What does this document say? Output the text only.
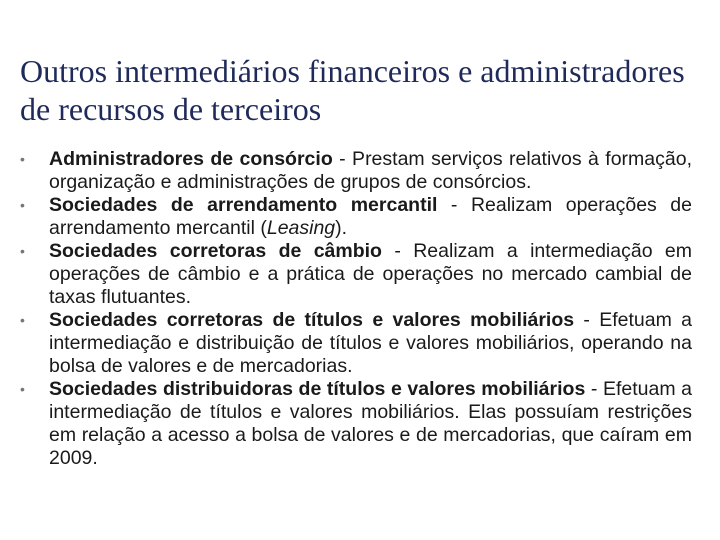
Outros intermediários financeiros e administradores de recursos de terceiros
•	Administradores de consórcio - Prestam serviços relativos à formação, organização e administrações de grupos de consórcios.
•	Sociedades de arrendamento mercantil - Realizam operações de arrendamento mercantil (Leasing).
•	Sociedades corretoras de câmbio - Realizam a intermediação em operações de câmbio e a prática de operações no mercado cambial de taxas flutuantes.
•	Sociedades corretoras de títulos e valores mobiliários - Efetuam a intermediação e distribuição de títulos e valores mobiliários, operando na bolsa de valores e de mercadorias.
•	Sociedades distribuidoras de títulos e valores mobiliários - Efetuam a intermediação de títulos e valores mobiliários. Elas possuíam restrições em relação a acesso a bolsa de valores e de mercadorias, que caíram em 2009.
